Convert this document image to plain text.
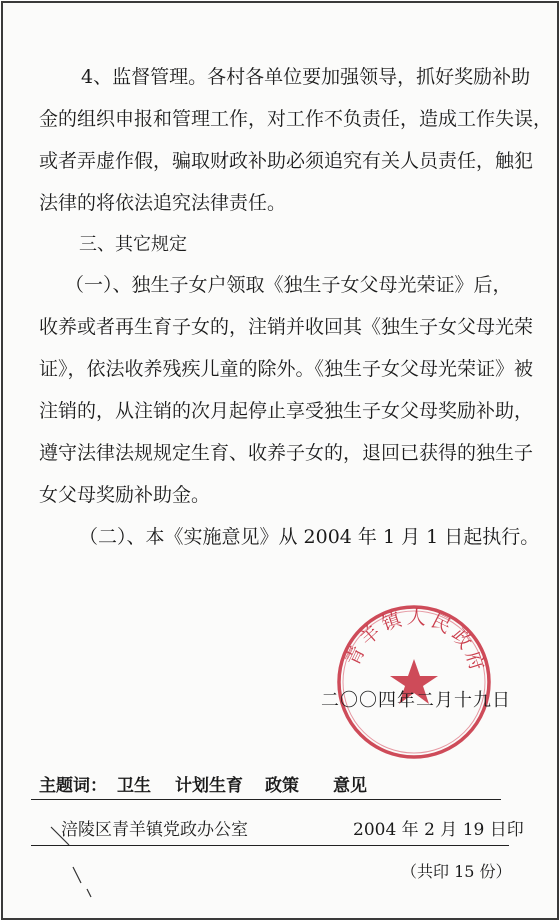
4、监督管理。各村各单位要加强领导，抓好奖励补助
金的组织申报和管理工作，对工作不负责任，造成工作失误，
或者弄虚作假，骗取财政补助必须追究有关人员责任，触犯
法律的将依法追究法律责任。
三、其它规定
（一）、独生子女户领取《独生子女父母光荣证》后，
收养或者再生育子女的，注销并收回其《独生子女父母光荣
证》，依法收养残疾儿童的除外。《独生子女父母光荣证》被
注销的，从注销的次月起停止享受独生子女父母奖励补助，
遵守法律法规规定生育、收养子女的，退回已获得的独生子
女父母奖励补助金。
（二）、本《实施意见》从 2004 年 1 月 1 日起执行。
青羊镇人民政府
二〇〇四年二月十九日
主题词： 卫生 计划生育 政策 意见
涪陵区青羊镇党政办公室	2004 年 2 月 19 日印
（共印 15 份）
